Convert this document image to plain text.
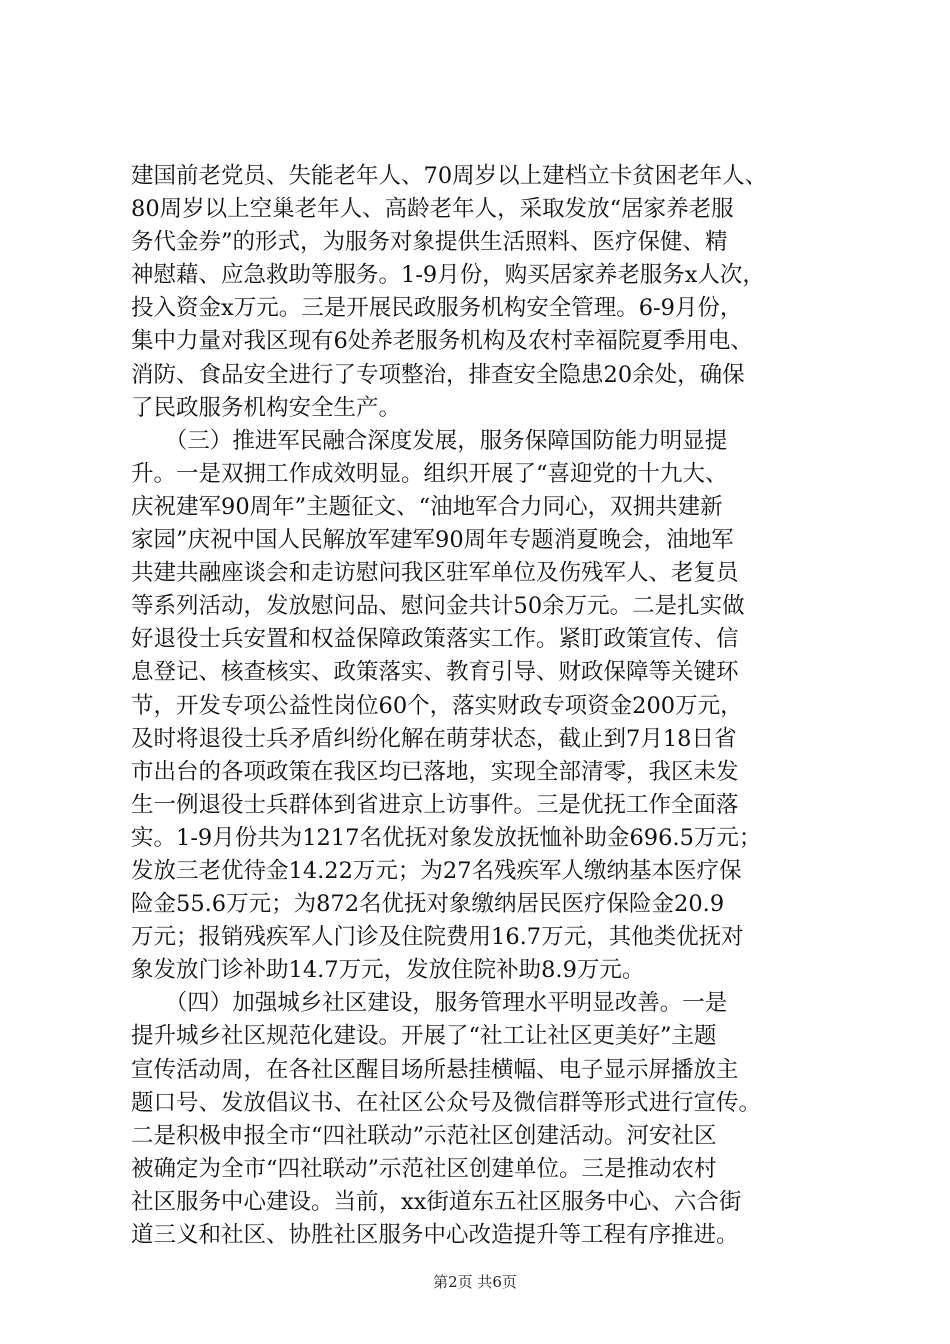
建国前老党员、失能老年人、70周岁以上建档立卡贫困老年人、
80周岁以上空巢老年人、高龄老年人，采取发放“居家养老服
务代金券”的形式，为服务对象提供生活照料、医疗保健、精
神慰藉、应急救助等服务。1-9月份，购买居家养老服务x人次，
投入资金x万元。三是开展民政服务机构安全管理。6-9月份，
集中力量对我区现有6处养老服务机构及农村幸福院夏季用电、
消防、食品安全进行了专项整治，排查安全隐患20余处，确保
了民政服务机构安全生产。
　　（三）推进军民融合深度发展，服务保障国防能力明显提
升。一是双拥工作成效明显。组织开展了“喜迎党的十九大、
庆祝建军90周年”主题征文、“油地军合力同心，双拥共建新
家园”庆祝中国人民解放军建军90周年专题消夏晚会，油地军
共建共融座谈会和走访慰问我区驻军单位及伤残军人、老复员
等系列活动，发放慰问品、慰问金共计50余万元。二是扎实做
好退役士兵安置和权益保障政策落实工作。紧盯政策宣传、信
息登记、核查核实、政策落实、教育引导、财政保障等关键环
节，开发专项公益性岗位60个，落实财政专项资金200万元，
及时将退役士兵矛盾纠纷化解在萌芽状态，截止到7月18日省
市出台的各项政策在我区均已落地，实现全部清零，我区未发
生一例退役士兵群体到省进京上访事件。三是优抚工作全面落
实。1-9月份共为1217名优抚对象发放抚恤补助金696.5万元；
发放三老优待金14.22万元；为27名残疾军人缴纳基本医疗保
险金55.6万元；为872名优抚对象缴纳居民医疗保险金20.9
万元；报销残疾军人门诊及住院费用16.7万元，其他类优抚对
象发放门诊补助14.7万元，发放住院补助8.9万元。
　　（四）加强城乡社区建设，服务管理水平明显改善。一是
提升城乡社区规范化建设。开展了“社工让社区更美好”主题
宣传活动周，在各社区醒目场所悬挂横幅、电子显示屏播放主
题口号、发放倡议书、在社区公众号及微信群等形式进行宣传。
二是积极申报全市“四社联动”示范社区创建活动。河安社区
被确定为全市“四社联动”示范社区创建单位。三是推动农村
社区服务中心建设。当前，xx街道东五社区服务中心、六合街
道三义和社区、协胜社区服务中心改造提升等工程有序推进。
第2页 共6页
